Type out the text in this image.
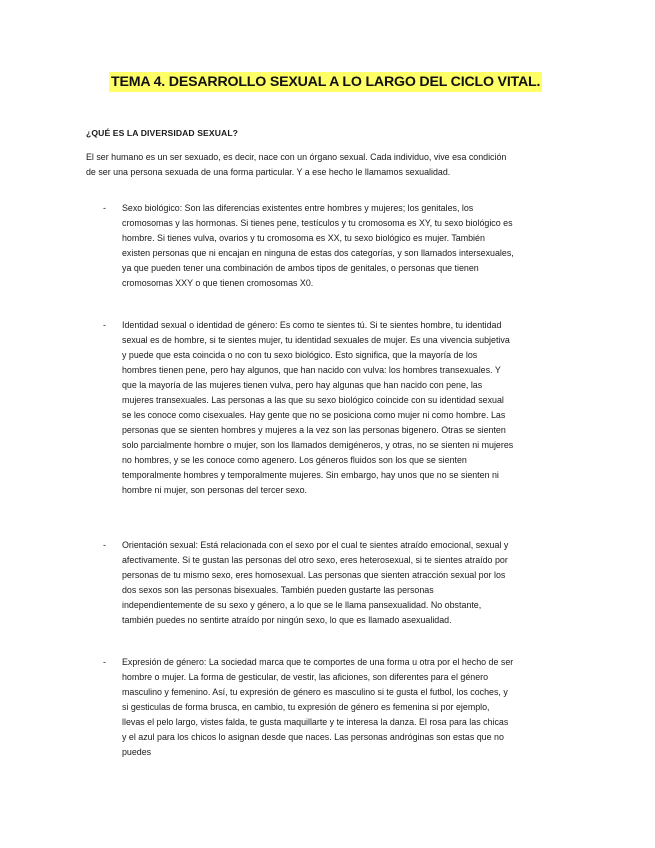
TEMA 4. DESARROLLO SEXUAL A LO LARGO DEL CICLO VITAL.
¿QUÉ ES LA DIVERSIDAD SEXUAL?

El ser humano es un ser sexuado, es decir, nace con un órgano sexual. Cada individuo, vive esa condición de ser una persona sexuada de una forma particular. Y a ese hecho le llamamos sexualidad.

- Sexo biológico: Son las diferencias existentes entre hombres y mujeres; los genitales, los cromosomas y las hormonas. Si tienes pene, testículos y tu cromosoma es XY, tu sexo biológico es hombre. Si tienes vulva, ovarios y tu cromosoma es XX, tu sexo biológico es mujer. También existen personas que ni encajan en ninguna de estas dos categorías, y son llamados intersexuales, ya que pueden tener una combinación de ambos tipos de genitales, o personas que tienen cromosomas XXY o que tienen cromosomas X0.

- Identidad sexual o identidad de género: Es como te sientes tú. Si te sientes hombre, tu identidad sexual es de hombre, si te sientes mujer, tu identidad sexuales de mujer. Es una vivencia subjetiva y puede que esta coincida o no con tu sexo biológico. Esto significa, que la mayoría de los hombres tienen pene, pero hay algunos, que han nacido con vulva: los hombres transexuales. Y que la mayoría de las mujeres tienen vulva, pero hay algunas que han nacido con pene, las mujeres transexuales. Las personas a las que su sexo biológico coincide con su identidad sexual se les conoce como cisexuales. Hay gente que no se posiciona como mujer ni como hombre. Las personas que se sienten hombres y mujeres a la vez son las personas bigenero. Otras se sienten solo parcialmente hombre o mujer, son los llamados demigéneros, y otras, no se sienten ni mujeres no hombres, y se les conoce como agenero. Los géneros fluidos son los que se sienten temporalmente hombres y temporalmente mujeres. Sin embargo, hay unos que no se sienten ni hombre ni mujer, son personas del tercer sexo.

- Orientación sexual: Está relacionada con el sexo por el cual te sientes atraído emocional, sexual y afectivamente. Si te gustan las personas del otro sexo, eres heterosexual, si te sientes atraído por personas de tu mismo sexo, eres homosexual. Las personas que sienten atracción sexual por los dos sexos son las personas bisexuales. También pueden gustarte las personas independientemente de su sexo y género, a lo que se le llama pansexualidad. No obstante, también puedes no sentirte atraído por ningún sexo, lo que es llamado asexualidad.

- Expresión de género: La sociedad marca que te comportes de una forma u otra por el hecho de ser hombre o mujer. La forma de gesticular, de vestir, las aficiones, son diferentes para el género masculino y femenino. Así, tu expresión de género es masculino si te gusta el futbol, los coches, y si gesticulas de forma brusca, en cambio, tu expresión de género es femenina si por ejemplo, llevas el pelo largo, vistes falda, te gusta maquillarte y te interesa la danza. El rosa para las chicas y el azul para los chicos lo asignan desde que naces. Las personas andróginas son estas que no puedes
